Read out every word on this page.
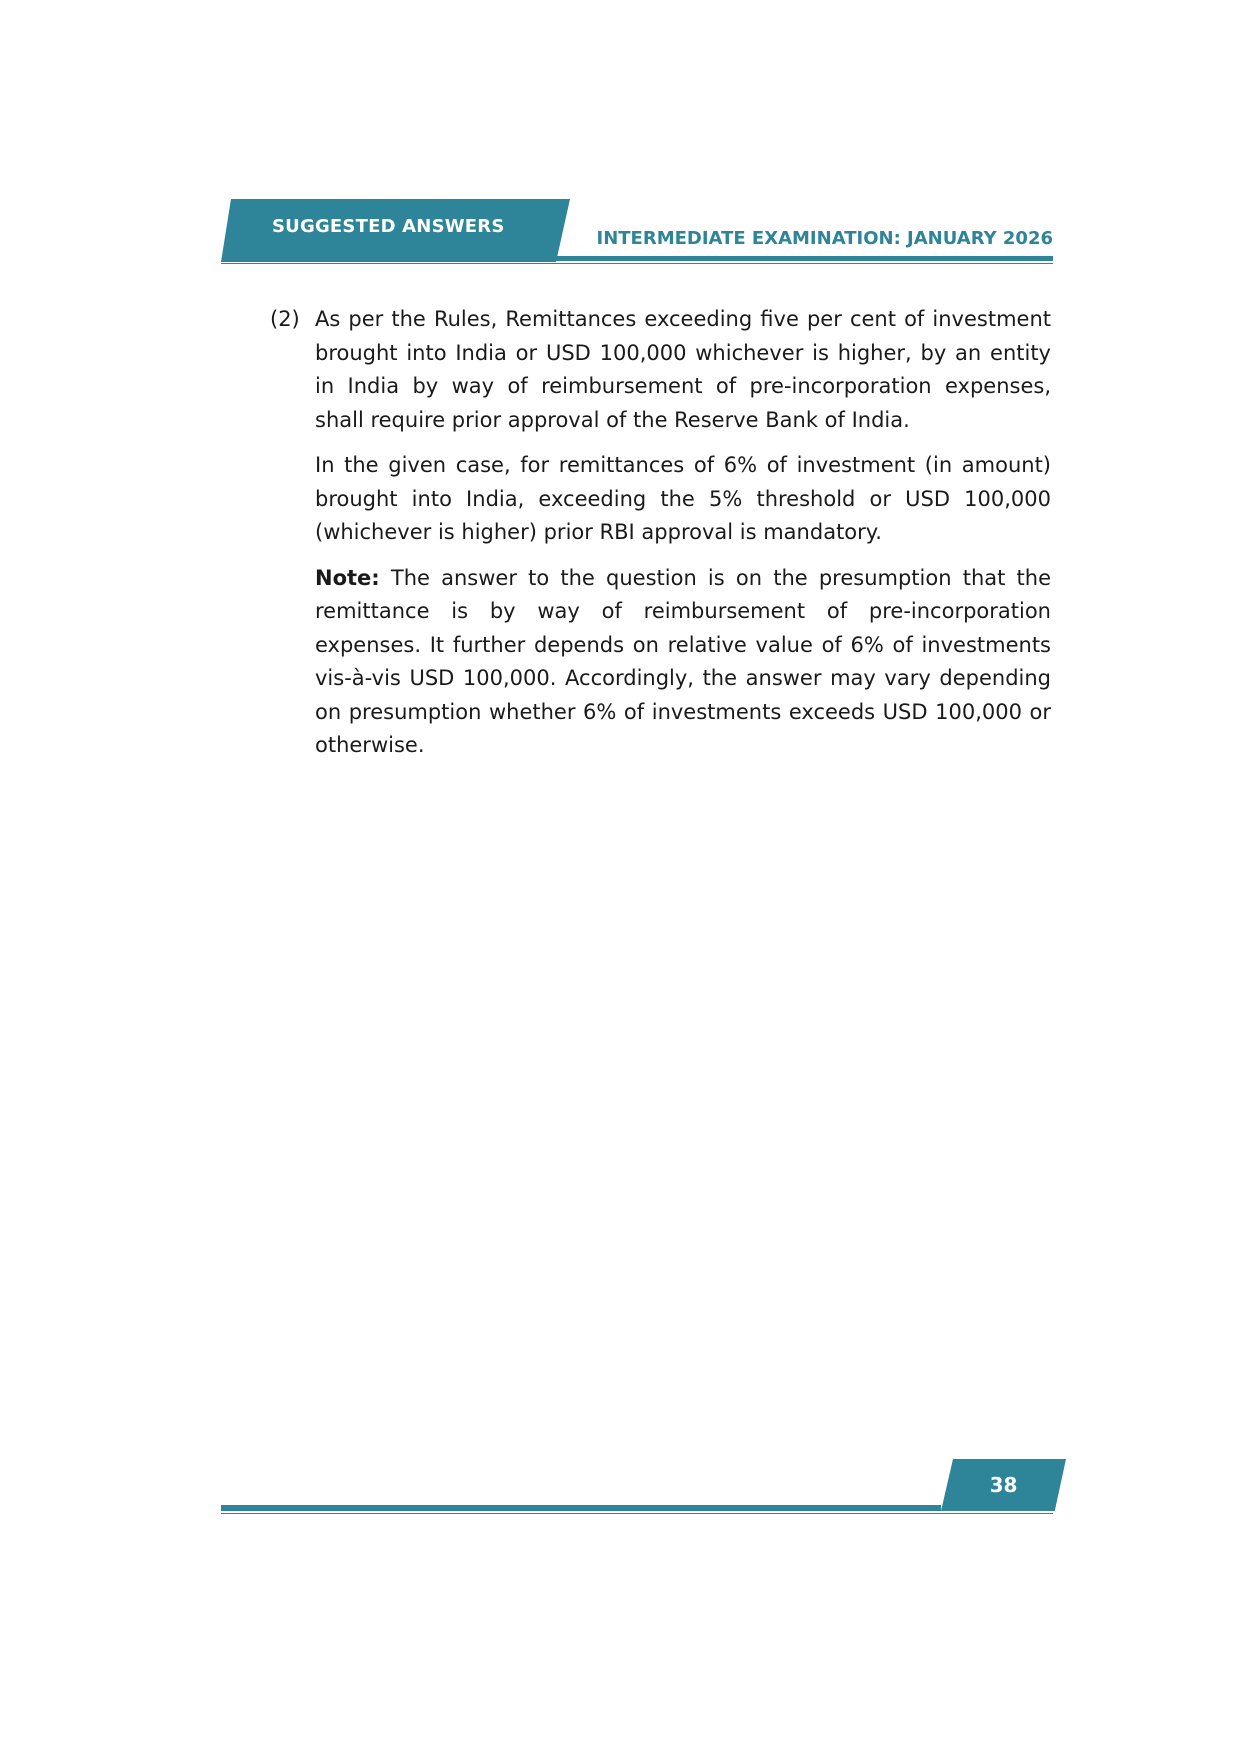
SUGGESTED ANSWERS
INTERMEDIATE EXAMINATION: JANUARY 2026
(2) As per the Rules, Remittances exceeding five per cent of investment brought into India or USD 100,000 whichever is higher, by an entity in India by way of reimbursement of pre-incorporation expenses, shall require prior approval of the Reserve Bank of India.

In the given case, for remittances of 6% of investment (in amount) brought into India, exceeding the 5% threshold or USD 100,000 (whichever is higher) prior RBI approval is mandatory.

Note: The answer to the question is on the presumption that the remittance is by way of reimbursement of pre-incorporation expenses. It further depends on relative value of 6% of investments vis-à-vis USD 100,000. Accordingly, the answer may vary depending on presumption whether 6% of investments exceeds USD 100,000 or otherwise.

38
